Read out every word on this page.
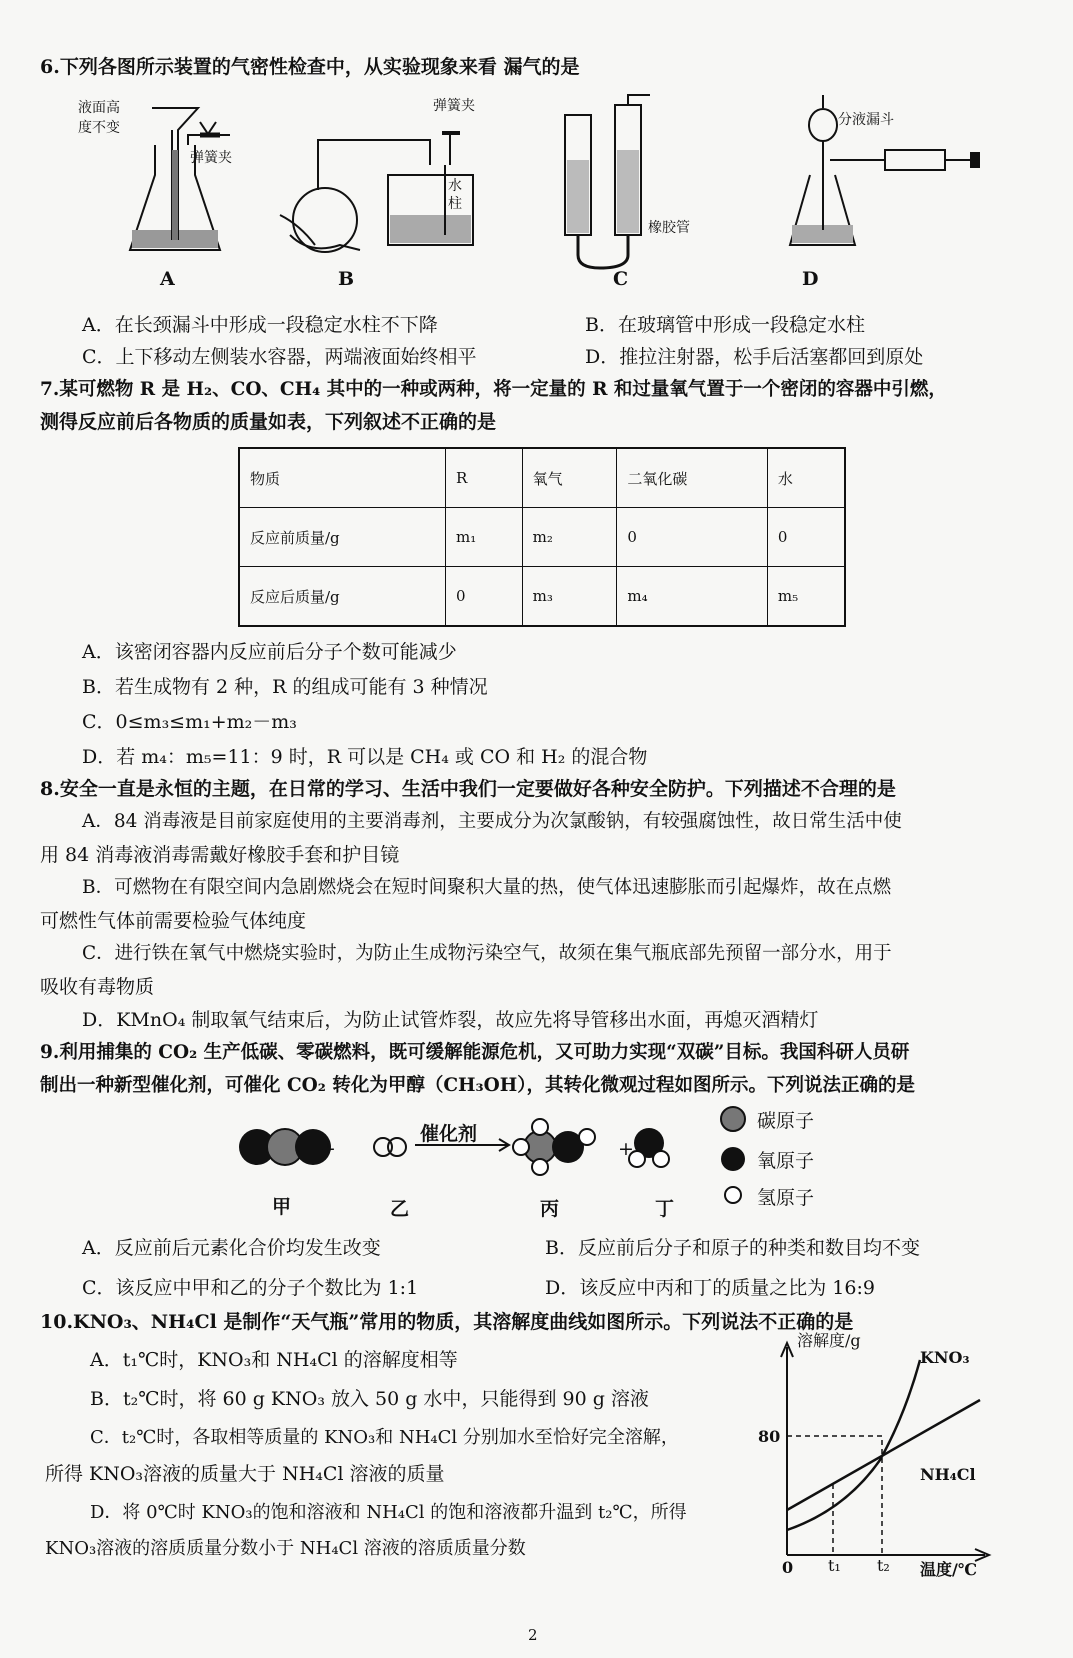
6.下列各图所示装置的气密性检查中，从实验现象来看 漏气的是
液面高
度不变
弹簧夹
A
弹簧夹
水
柱
B
橡胶管
C
分液漏斗
D
A．在长颈漏斗中形成一段稳定水柱不下降	B．在玻璃管中形成一段稳定水柱
C．上下移动左侧装水容器，两端液面始终相平	D．推拉注射器，松手后活塞都回到原处
7.某可燃物 R 是 H₂、CO、CH₄ 其中的一种或两种，将一定量的 R 和过量氧气置于一个密闭的容器中引燃，
测得反应前后各物质的质量如表，下列叙述不正确的是
物质	R	氧气	二氧化碳	水
反应前质量/g	m₁	m₂	0	0
反应后质量/g	0	m₃	m₄	m₅
A．该密闭容器内反应前后分子个数可能减少
B．若生成物有 2 种，R 的组成可能有 3 种情况
C．0≤m₃≤m₁+m₂－m₃
D．若 m₄：m₅=11：9 时，R 可以是 CH₄ 或 CO 和 H₂ 的混合物
8.安全一直是永恒的主题，在日常的学习、生活中我们一定要做好各种安全防护。下列描述不合理的是
A．84 消毒液是目前家庭使用的主要消毒剂，主要成分为次氯酸钠，有较强腐蚀性，故日常生活中使
用 84 消毒液消毒需戴好橡胶手套和护目镜
B．可燃物在有限空间内急剧燃烧会在短时间聚积大量的热，使气体迅速膨胀而引起爆炸，故在点燃
可燃性气体前需要检验气体纯度
C．进行铁在氧气中燃烧实验时，为防止生成物污染空气，故须在集气瓶底部先预留一部分水，用于
吸收有毒物质
D．KMnO₄ 制取氧气结束后，为防止试管炸裂，故应先将导管移出水面，再熄灭酒精灯
9.利用捕集的 CO₂ 生产低碳、零碳燃料，既可缓解能源危机，又可助力实现“双碳”目标。我国科研人员研
制出一种新型催化剂，可催化 CO₂ 转化为甲醇（CH₃OH），其转化微观过程如图所示。下列说法正确的是
+	+
催化剂
甲	乙	丙	丁
碳原子
氧原子
氢原子
A．反应前后元素化合价均发生改变	B．反应前后分子和原子的种类和数目均不变
C．该反应中甲和乙的分子个数比为 1:1	D．该反应中丙和丁的质量之比为 16:9
10.KNO₃、NH₄Cl 是制作“天气瓶”常用的物质，其溶解度曲线如图所示。下列说法不正确的是
A．t₁℃时，KNO₃和 NH₄Cl 的溶解度相等
B．t₂℃时，将 60 g KNO₃ 放入 50 g 水中，只能得到 90 g 溶液
C．t₂℃时，各取相等质量的 KNO₃和 NH₄Cl 分别加水至恰好完全溶解，
所得 KNO₃溶液的质量大于 NH₄Cl 溶液的质量
D．将 0℃时 KNO₃的饱和溶液和 NH₄Cl 的饱和溶液都升温到 t₂℃，所得
KNO₃溶液的溶质质量分数小于 NH₄Cl 溶液的溶质质量分数
溶解度/g
KNO₃
NH₄Cl
80
0 t₁ t₂ 温度/℃
2
